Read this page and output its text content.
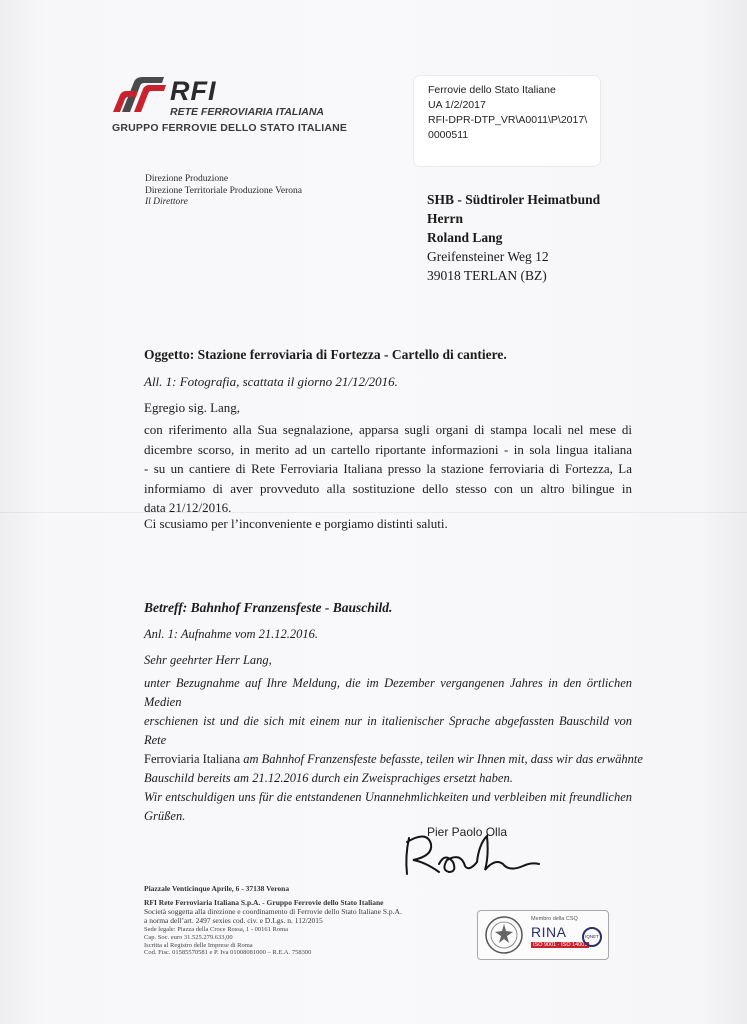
RFI
RETE FERROVIARIA ITALIANA
GRUPPO FERROVIE DELLO STATO ITALIANE
Ferrovie dello Stato Italiane
UA 1/2/2017
RFI-DPR-DTP_VR\A0011\P\2017\
0000511
Direzione Produzione
Direzione Territoriale Produzione Verona
Il Direttore	SHB - Südtiroler Heimatbund
Herrn
Roland Lang
Greifensteiner Weg 12
39018 TERLAN (BZ)
Oggetto: Stazione ferroviaria di Fortezza - Cartello di cantiere.
All. 1: Fotografia, scattata il giorno 21/12/2016.
Egregio sig. Lang,
con riferimento alla Sua segnalazione, apparsa sugli organi di stampa locali nel mese di
dicembre scorso, in merito ad un cartello riportante informazioni - in sola lingua italiana
- su un cantiere di Rete Ferroviaria Italiana presso la stazione ferroviaria di Fortezza, La
informiamo di aver provveduto alla sostituzione dello stesso con un altro bilingue in
data 21/12/2016.
Ci scusiamo per l’inconveniente e porgiamo distinti saluti.
Betreff: Bahnhof Franzensfeste - Bauschild.
Anl. 1: Aufnahme vom 21.12.2016.
Sehr geehrter Herr Lang,
unter Bezugnahme auf Ihre Meldung, die im Dezember vergangenen Jahres in den örtlichen Medien
erschienen ist und die sich mit einem nur in italienischer Sprache abgefassten Bauschild von Rete
Ferroviaria Italiana am Bahnhof Franzensfeste befasste, teilen wir Ihnen mit, dass wir das erwähnte
Bauschild bereits am 21.12.2016 durch ein Zweisprachiges ersetzt haben.
Wir entschuldigen uns für die entstandenen Unannehmlichkeiten und verbleiben mit freundlichen
Grüßen.
Pier Paolo Olla
Piazzale Venticinque Aprile, 6 - 37138 Verona
RFI Rete Ferroviaria Italiana S.p.A. - Gruppo Ferrovie dello Stato Italiane
Società soggetta alla direzione e coordinamento di Ferrovie dello Stato Italiane S.p.A.
a norma dell’art. 2497 sexies cod. civ. e D.Lgs. n. 112/2015
Sede legale: Piazza della Croce Rossa, 1 - 00161 Roma
Cap. Soc. euro 31.525.279.633,00
Iscritta al Registro delle Imprese di Roma
Cod. Fisc. 01585570581 e P. Iva 01008081000 – R.E.A. 758300
Membro della CSQ
RINA
ISO 9001 · ISO 14001
IQNET
